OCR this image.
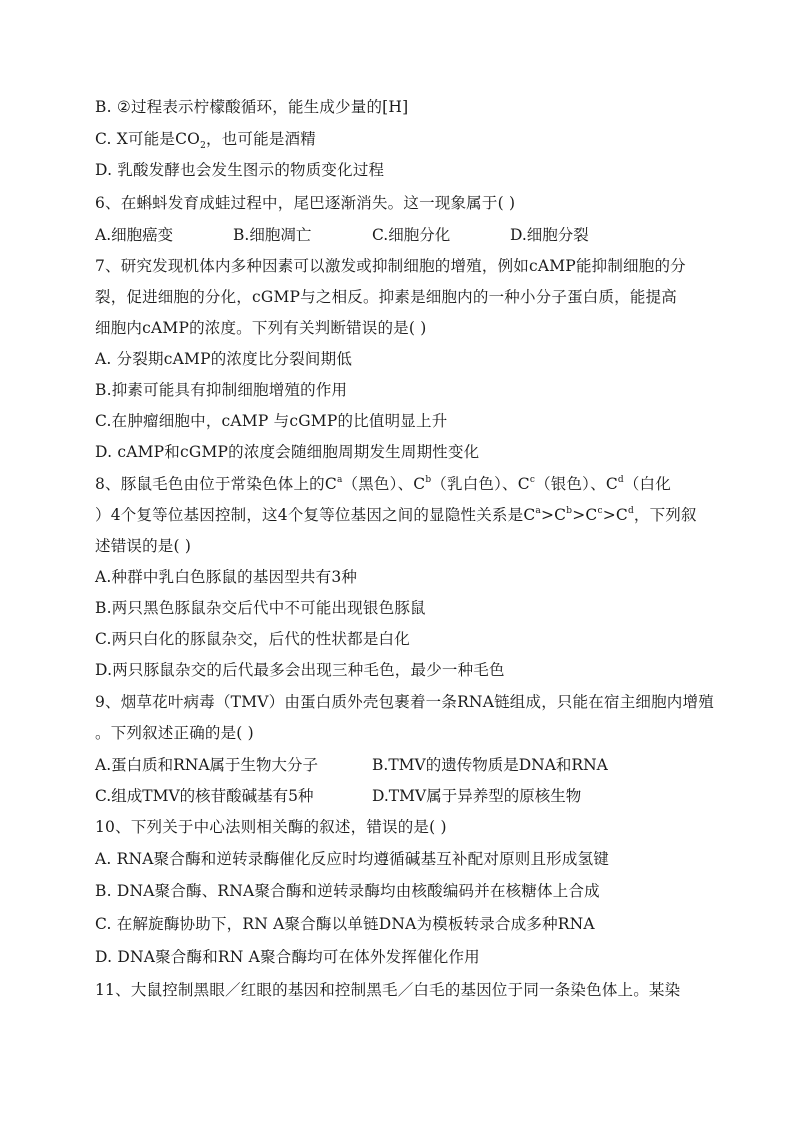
B. ②过程表示柠檬酸循环，能生成少量的[H]
C. X可能是$CO_2$，也可能是酒精
D. 乳酸发酵也会发生图示的物质变化过程
6、在蝌蚪发育成蛙过程中，尾巴逐渐消失。这一现象属于( )
A.细胞癌变	B.细胞凋亡	C.细胞分化	D.细胞分裂
7、研究发现机体内多种因素可以激发或抑制细胞的增殖，例如cAMP能抑制细胞的分
裂，促进细胞的分化，cGMP与之相反。抑素是细胞内的一种小分子蛋白质，能提高
细胞内cAMP的浓度。下列有关判断错误的是( )
A. 分裂期cAMP的浓度比分裂间期低
B.抑素可能具有抑制细胞增殖的作用
C.在肿瘤细胞中，cAMP 与cGMP的比值明显上升
D. cAMP和cGMP的浓度会随细胞周期发生周期性变化
8、豚鼠毛色由位于常染色体上的$C^a$（黑色）、$C^b$（乳白色）、$C^c$（银色）、$C^d$（白化
）4个复等位基因控制，这4个复等位基因之间的显隐性关系是$C^a>C^b>C^c>C^d$，下列叙
述错误的是( )
A.种群中乳白色豚鼠的基因型共有3种
B.两只黑色豚鼠杂交后代中不可能出现银色豚鼠
C.两只白化的豚鼠杂交，后代的性状都是白化
D.两只豚鼠杂交的后代最多会出现三种毛色，最少一种毛色
9、烟草花叶病毒（TMV）由蛋白质外壳包裹着一条RNA链组成，只能在宿主细胞内增殖
。下列叙述正确的是( )
A.蛋白质和RNA属于生物大分子	B.TMV的遗传物质是DNA和RNA
C.组成TMV的核苷酸碱基有5种	D.TMV属于异养型的原核生物
10、下列关于中心法则相关酶的叙述，错误的是( )
A. RNA聚合酶和逆转录酶催化反应时均遵循碱基互补配对原则且形成氢键
B. DNA聚合酶、RNA聚合酶和逆转录酶均由核酸编码并在核糖体上合成
C. 在解旋酶协助下，RN A聚合酶以单链DNA为模板转录合成多种RNA
D. DNA聚合酶和RN A聚合酶均可在体外发挥催化作用
11、大鼠控制黑眼／红眼的基因和控制黑毛／白毛的基因位于同一条染色体上。某染
